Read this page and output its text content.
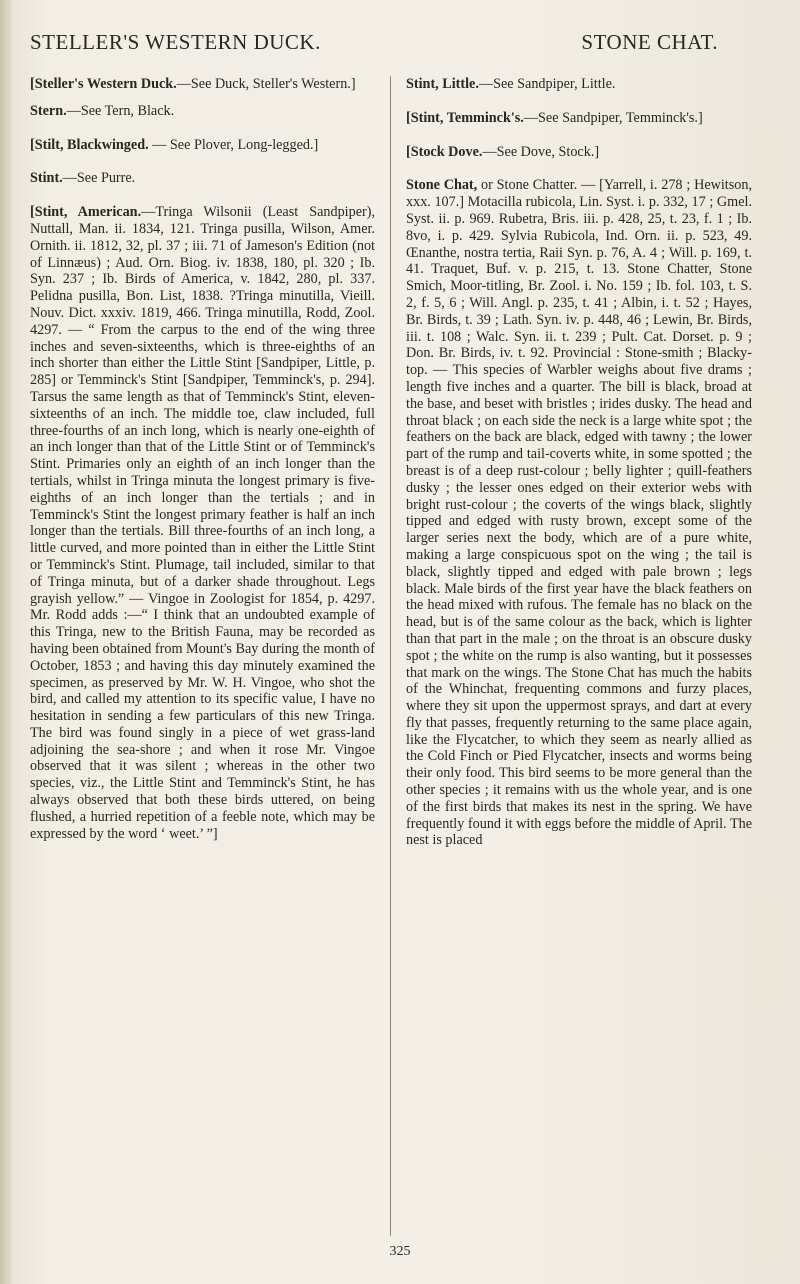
STELLER'S WESTERN DUCK.	STONE CHAT.

[Steller's Western Duck.—See Duck, Steller's Western.]

Stern.—See Tern, Black.

[Stilt, Blackwinged. — See Plover, Long-legged.]

Stint.—See Purre.

[Stint, American.—Tringa Wilsonii (Least Sandpiper), Nuttall, Man. ii. 1834, 121. Tringa pusilla, Wilson, Amer. Ornith. ii. 1812, 32, pl. 37 ; iii. 71 of Jameson's Edition (not of Linnæus) ; Aud. Orn. Biog. iv. 1838, 180, pl. 320 ; Ib. Syn. 237 ; Ib. Birds of America, v. 1842, 280, pl. 337. Pelidna pusilla, Bon. List, 1838. ?Tringa minutilla, Vieill. Nouv. Dict. xxxiv. 1819, 466. Tringa minutilla, Rodd, Zool. 4297. — “ From the carpus to the end of the wing three inches and seven-sixteenths, which is three-eighths of an inch shorter than either the Little Stint [Sandpiper, Little, p. 285] or Temminck's Stint [Sandpiper, Temminck's, p. 294]. Tarsus the same length as that of Temminck's Stint, eleven-sixteenths of an inch. The middle toe, claw included, full three-fourths of an inch long, which is nearly one-eighth of an inch longer than that of the Little Stint or of Temminck's Stint. Primaries only an eighth of an inch longer than the tertials, whilst in Tringa minuta the longest primary is five-eighths of an inch longer than the tertials ; and in Temminck's Stint the longest primary feather is half an inch longer than the tertials. Bill three-fourths of an inch long, a little curved, and more pointed than in either the Little Stint or Temminck's Stint. Plumage, tail included, similar to that of Tringa minuta, but of a darker shade throughout. Legs grayish yellow.” — Vingoe in Zoologist for 1854, p. 4297. Mr. Rodd adds :—“ I think that an undoubted example of this Tringa, new to the British Fauna, may be recorded as having been obtained from Mount's Bay during the month of October, 1853 ; and having this day minutely examined the specimen, as preserved by Mr. W. H. Vingoe, who shot the bird, and called my attention to its specific value, I have no hesitation in sending a few particulars of this new Tringa. The bird was found singly in a piece of wet grass-land adjoining the sea-shore ; and when it rose Mr. Vingoe observed that it was silent ; whereas in the other two species, viz., the Little Stint and Temminck's Stint, he has always observed that both these birds uttered, on being flushed, a hurried repetition of a feeble note, which may be expressed by the word ‘ weet.’ ”]

Stint, Little.—See Sandpiper, Little.

[Stint, Temminck's.—See Sandpiper, Temminck's.]

[Stock Dove.—See Dove, Stock.]

Stone Chat, or Stone Chatter. — [Yarrell, i. 278 ; Hewitson, xxx. 107.] Motacilla rubicola, Lin. Syst. i. p. 332, 17 ; Gmel. Syst. ii. p. 969. Rubetra, Bris. iii. p. 428, 25, t. 23, f. 1 ; Ib. 8vo, i. p. 429. Sylvia Rubicola, Ind. Orn. ii. p. 523, 49. Œnanthe, nostra tertia, Raii Syn. p. 76, A. 4 ; Will. p. 169, t. 41. Traquet, Buf. v. p. 215, t. 13. Stone Chatter, Stone Smich, Moor-titling, Br. Zool. i. No. 159 ; Ib. fol. 103, t. S. 2, f. 5, 6 ; Will. Angl. p. 235, t. 41 ; Albin, i. t. 52 ; Hayes, Br. Birds, t. 39 ; Lath. Syn. iv. p. 448, 46 ; Lewin, Br. Birds, iii. t. 108 ; Walc. Syn. ii. t. 239 ; Pult. Cat. Dorset. p. 9 ; Don. Br. Birds, iv. t. 92. Provincial : Stone-smith ; Blacky-top. — This species of Warbler weighs about five drams ; length five inches and a quarter. The bill is black, broad at the base, and beset with bristles ; irides dusky. The head and throat black ; on each side the neck is a large white spot ; the feathers on the back are black, edged with tawny ; the lower part of the rump and tail-coverts white, in some spotted ; the breast is of a deep rust-colour ; belly lighter ; quill-feathers dusky ; the lesser ones edged on their exterior webs with bright rust-colour ; the coverts of the wings black, slightly tipped and edged with rusty brown, except some of the larger series next the body, which are of a pure white, making a large conspicuous spot on the wing ; the tail is black, slightly tipped and edged with pale brown ; legs black. Male birds of the first year have the black feathers on the head mixed with rufous. The female has no black on the head, but is of the same colour as the back, which is lighter than that part in the male ; on the throat is an obscure dusky spot ; the white on the rump is also wanting, but it possesses that mark on the wings. The Stone Chat has much the habits of the Whinchat, frequenting commons and furzy places, where they sit upon the uppermost sprays, and dart at every fly that passes, frequently returning to the same place again, like the Flycatcher, to which they seem as nearly allied as the Cold Finch or Pied Flycatcher, insects and worms being their only food. This bird seems to be more general than the other species ; it remains with us the whole year, and is one of the first birds that makes its nest in the spring. We have frequently found it with eggs before the middle of April. The nest is placed

325
